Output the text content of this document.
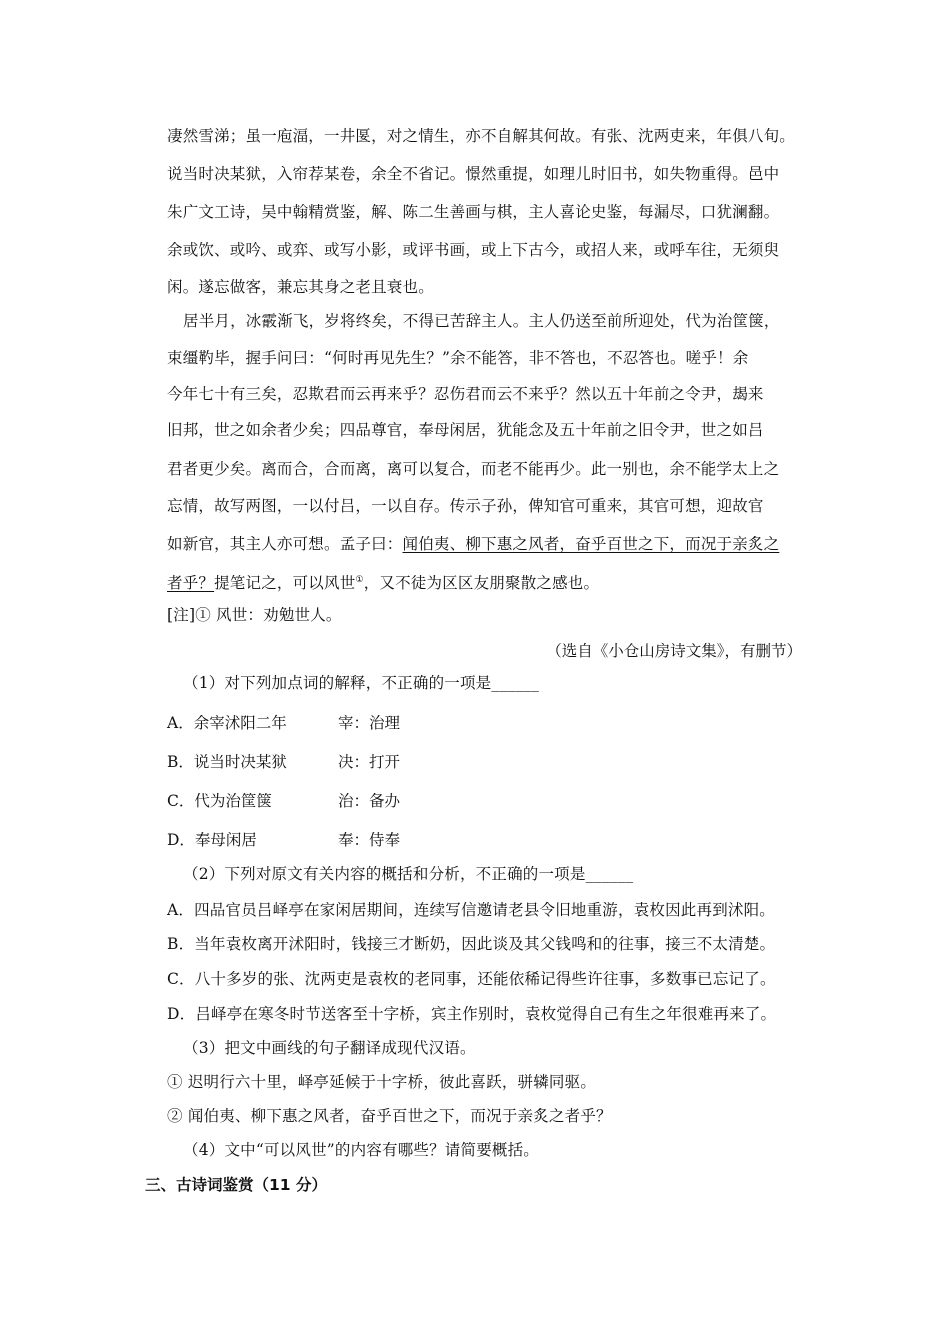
凄然雪涕；虽一庖湢，一井匽，对之情生，亦不自解其何故。有张、沈两吏来，年俱八旬。
说当时决某狱，入帘荐某卷，余全不省记。憬然重提，如理儿时旧书，如失物重得。邑中
朱广文工诗，吴中翰精赏鉴，解、陈二生善画与棋，主人喜论史鉴，每漏尽，口犹澜翻。
余或饮、或吟、或弈、或写小影，或评书画，或上下古今，或招人来，或呼车往，无须臾
闲。遂忘做客，兼忘其身之老且衰也。
居半月，冰霰渐飞，岁将终矣，不得已苦辞主人。主人仍送至前所迎处，代为治筐箧，
束缰靮毕，握手问曰：“何时再见先生？”余不能答，非不答也，不忍答也。嗟乎！余
今年七十有三矣，忍欺君而云再来乎？忍伤君而云不来乎？然以五十年前之令尹，朅来
旧邦，世之如余者少矣；四品尊官，奉母闲居，犹能念及五十年前之旧令尹，世之如吕
君者更少矣。离而合，合而离，离可以复合，而老不能再少。此一别也，余不能学太上之
忘情，故写两图，一以付吕，一以自存。传示子孙，俾知官可重来，其官可想，迎故官
如新官，其主人亦可想。孟子曰：闻伯夷、柳下惠之风者，奋乎百世之下，而况于亲炙之
者乎？提笔记之，可以风世①，又不徒为区区友朋聚散之感也。
[注]① 风世：劝勉世人。
（选自《小仓山房诗文集》，有删节）
（1）对下列加点词的解释，不正确的一项是______
A．余宰沭阳二年	宰：治理
B．说当时决某狱	决：打开
C．代为治筐箧	治：备办
D．奉母闲居	奉：侍奉
（2）下列对原文有关内容的概括和分析，不正确的一项是______
A．四品官员吕峄亭在家闲居期间，连续写信邀请老县令旧地重游，袁枚因此再到沭阳。
B．当年袁枚离开沭阳时，钱接三才断奶，因此谈及其父钱鸣和的往事，接三不太清楚。
C．八十多岁的张、沈两吏是袁枚的老同事，还能依稀记得些许往事，多数事已忘记了。
D．吕峄亭在寒冬时节送客至十字桥，宾主作别时，袁枚觉得自己有生之年很难再来了。
（3）把文中画线的句子翻译成现代汉语。
① 迟明行六十里，峄亭延候于十字桥，彼此喜跃，骈辚同驱。
② 闻伯夷、柳下惠之风者，奋乎百世之下，而况于亲炙之者乎？
（4）文中“可以风世”的内容有哪些？请简要概括。
三、古诗词鉴赏（11 分）
